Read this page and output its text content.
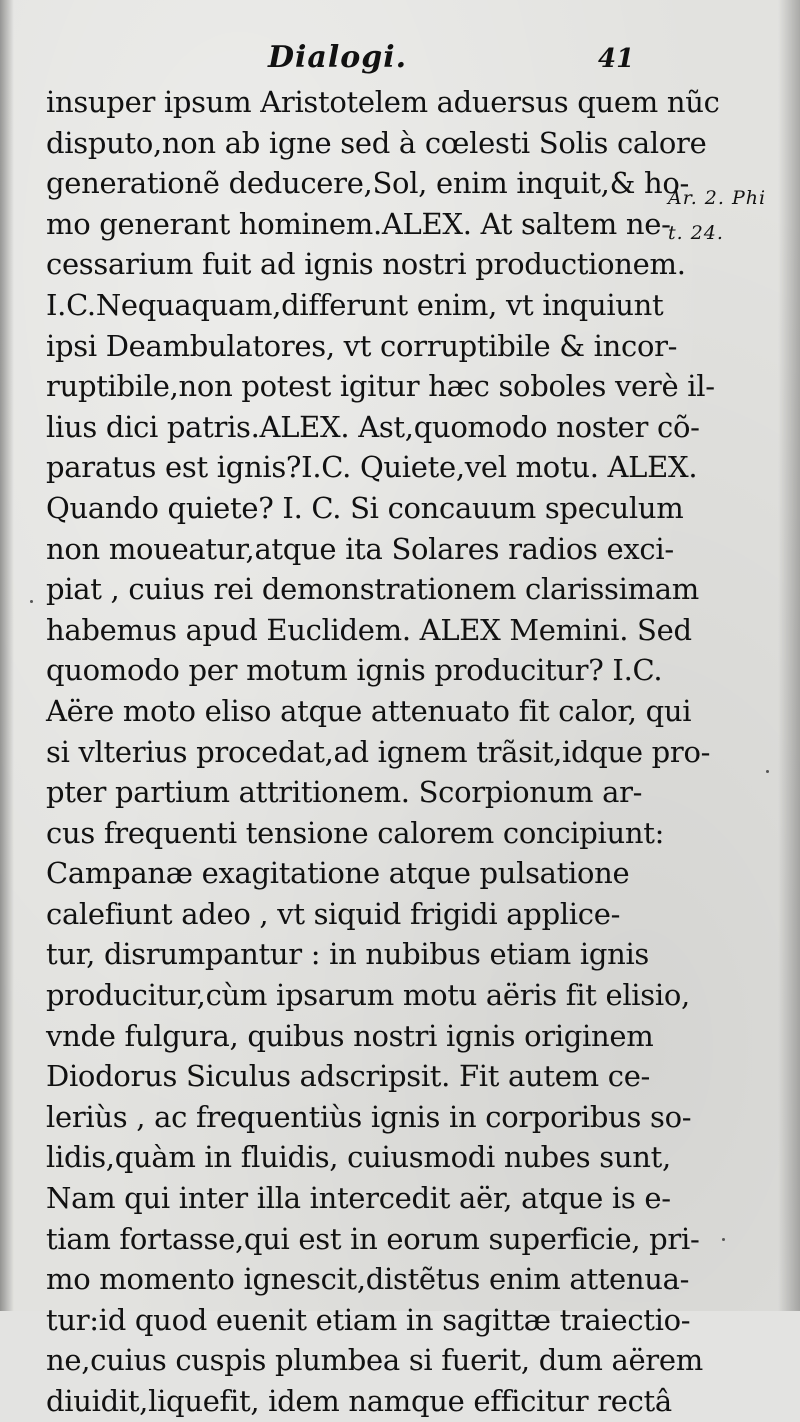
Dialogi.	41
Ar. 2. Phi
t. 24.
insuper ipsum Aristotelem aduersus quem nũc
disputo,non ab igne sed à cœlesti Solis calore
generationẽ deducere,Sol, enim inquit,& ho-
mo generant hominem.ALEX. At saltem ne-
cessarium fuit ad ignis nostri productionem.
I.C.Nequaquam,differunt enim, vt inquiunt
ipsi Deambulatores, vt corruptibile & incor-
ruptibile,non potest igitur hæc soboles verè il-
lius dici patris.ALEX. Ast,quomodo noster cõ-
paratus est ignis?I.C. Quiete,vel motu. ALEX.
Quando quiete? I. C. Si concauum speculum
non moueatur,atque ita Solares radios exci-
piat , cuius rei demonstrationem clarissimam
habemus apud Euclidem. ALEX Memini. Sed
quomodo per motum ignis producitur? I.C.
Aëre moto eliso atque attenuato fit calor, qui
si vlterius procedat,ad ignem trãsit,idque pro-
pter partium attritionem. Scorpionum ar-
cus frequenti tensione calorem concipiunt:
Campanæ exagitatione atque pulsatione
calefiunt adeo , vt siquid frigidi applice-
tur, disrumpantur : in nubibus etiam ignis
producitur,cùm ipsarum motu aëris fit elisio,
vnde fulgura, quibus nostri ignis originem
Diodorus Siculus adscripsit. Fit autem ce-
leriùs , ac frequentiùs ignis in corporibus so-
lidis,quàm in fluidis, cuiusmodi nubes sunt,
Nam qui inter illa intercedit aër, atque is e-
tiam fortasse,qui est in eorum superficie, pri-
mo momento ignescit,distẽtus enim attenua-
tur:id quod euenit etiam in sagittæ traiectio-
ne,cuius cuspis plumbea si fuerit, dum aërem
diuidit,liquefit, idem namque efficitur rectâ
